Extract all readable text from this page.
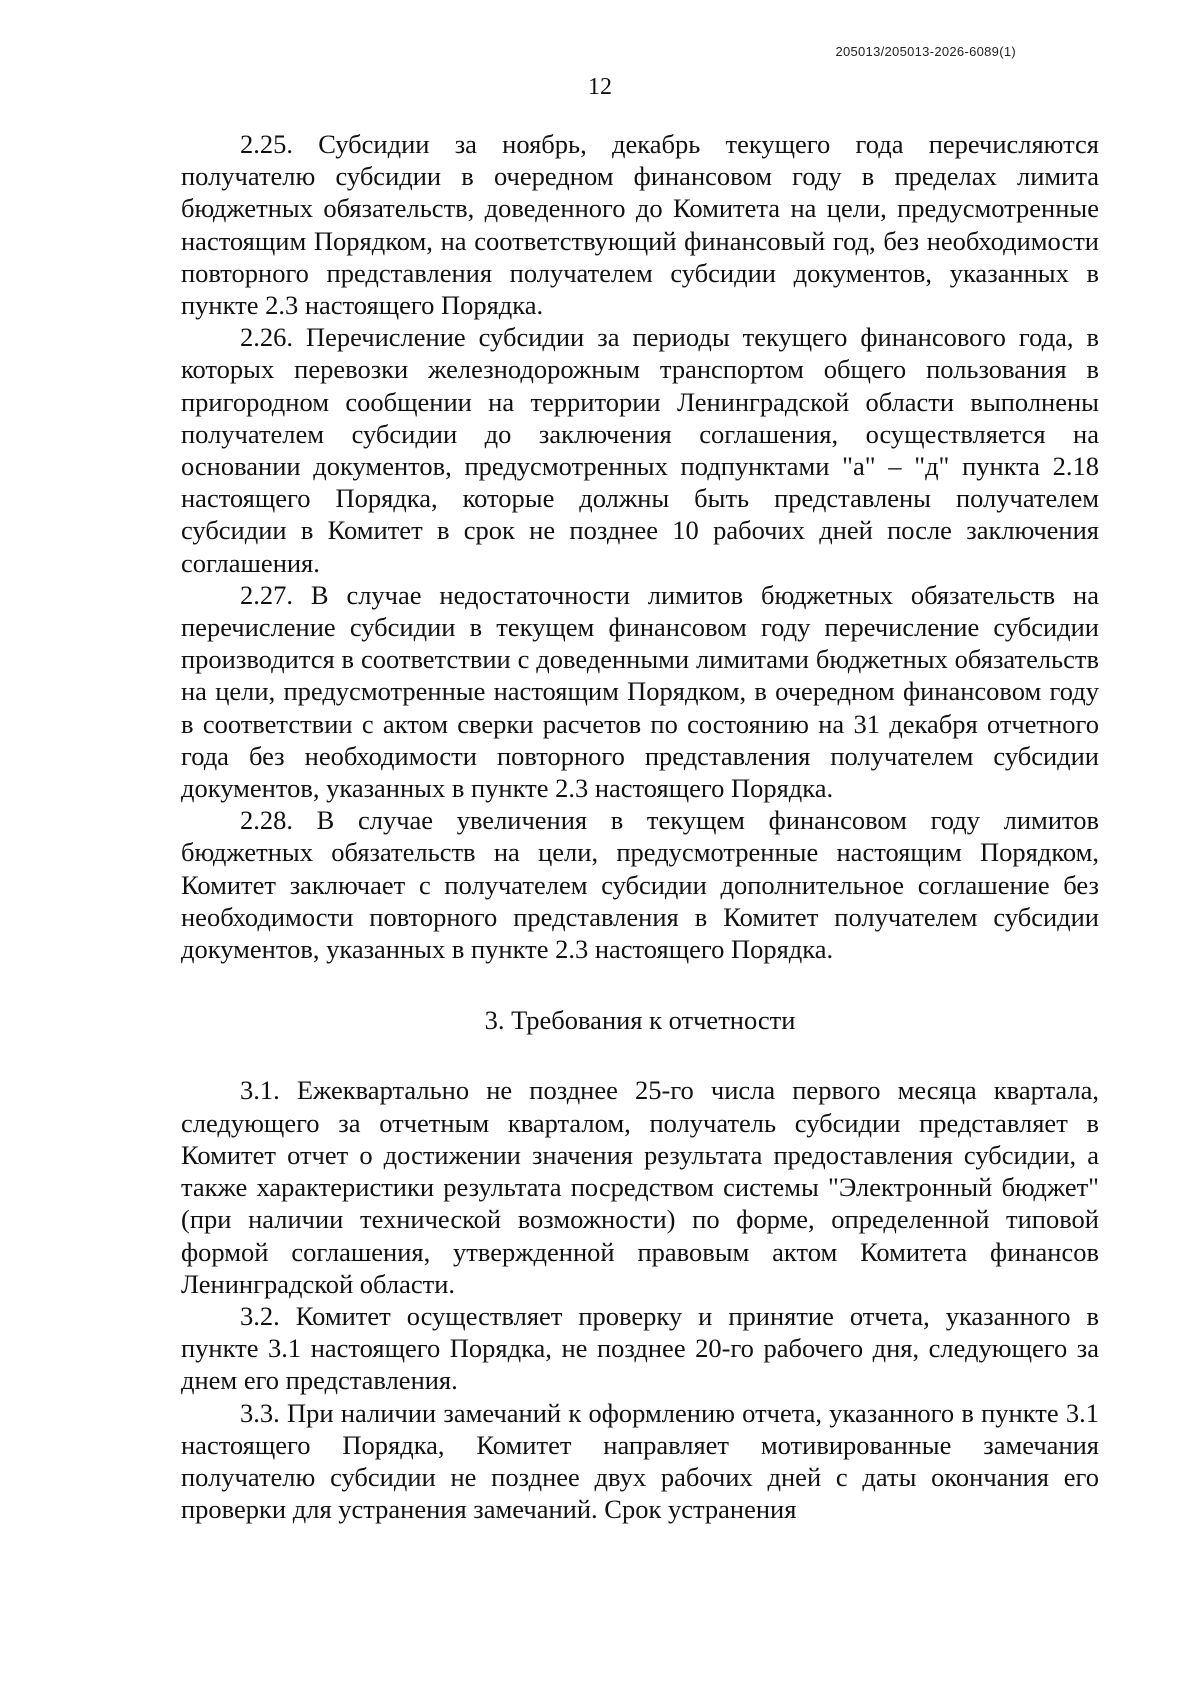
205013/205013-2026-6089(1)
12

2.25. Субсидии за ноябрь, декабрь текущего года перечисляются получателю субсидии в очередном финансовом году в пределах лимита бюджетных обязательств, доведенного до Комитета на цели, предусмотренные настоящим Порядком, на соответствующий финансовый год, без необходимости повторного представления получателем субсидии документов, указанных в пункте 2.3 настоящего Порядка.

2.26. Перечисление субсидии за периоды текущего финансового года, в которых перевозки железнодорожным транспортом общего пользования в пригородном сообщении на территории Ленинградской области выполнены получателем субсидии до заключения соглашения, осуществляется на основании документов, предусмотренных подпунктами "а" – "д" пункта 2.18 настоящего Порядка, которые должны быть представлены получателем субсидии в Комитет в срок не позднее 10 рабочих дней после заключения соглашения.

2.27. В случае недостаточности лимитов бюджетных обязательств на перечисление субсидии в текущем финансовом году перечисление субсидии производится в соответствии с доведенными лимитами бюджетных обязательств на цели, предусмотренные настоящим Порядком, в очередном финансовом году в соответствии с актом сверки расчетов по состоянию на 31 декабря отчетного года без необходимости повторного представления получателем субсидии документов, указанных в пункте 2.3 настоящего Порядка.

2.28. В случае увеличения в текущем финансовом году лимитов бюджетных обязательств на цели, предусмотренные настоящим Порядком, Комитет заключает с получателем субсидии дополнительное соглашение без необходимости повторного представления в Комитет получателем субсидии документов, указанных в пункте 2.3 настоящего Порядка.

3. Требования к отчетности

3.1. Ежеквартально не позднее 25-го числа первого месяца квартала, следующего за отчетным кварталом, получатель субсидии представляет в Комитет отчет о достижении значения результата предоставления субсидии, а также характеристики результата посредством системы "Электронный бюджет" (при наличии технической возможности) по форме, определенной типовой формой соглашения, утвержденной правовым актом Комитета финансов Ленинградской области.

3.2. Комитет осуществляет проверку и принятие отчета, указанного в пункте 3.1 настоящего Порядка, не позднее 20-го рабочего дня, следующего за днем его представления.

3.3. При наличии замечаний к оформлению отчета, указанного в пункте 3.1 настоящего Порядка, Комитет направляет мотивированные замечания получателю субсидии не позднее двух рабочих дней с даты окончания его проверки для устранения замечаний. Срок устранения
